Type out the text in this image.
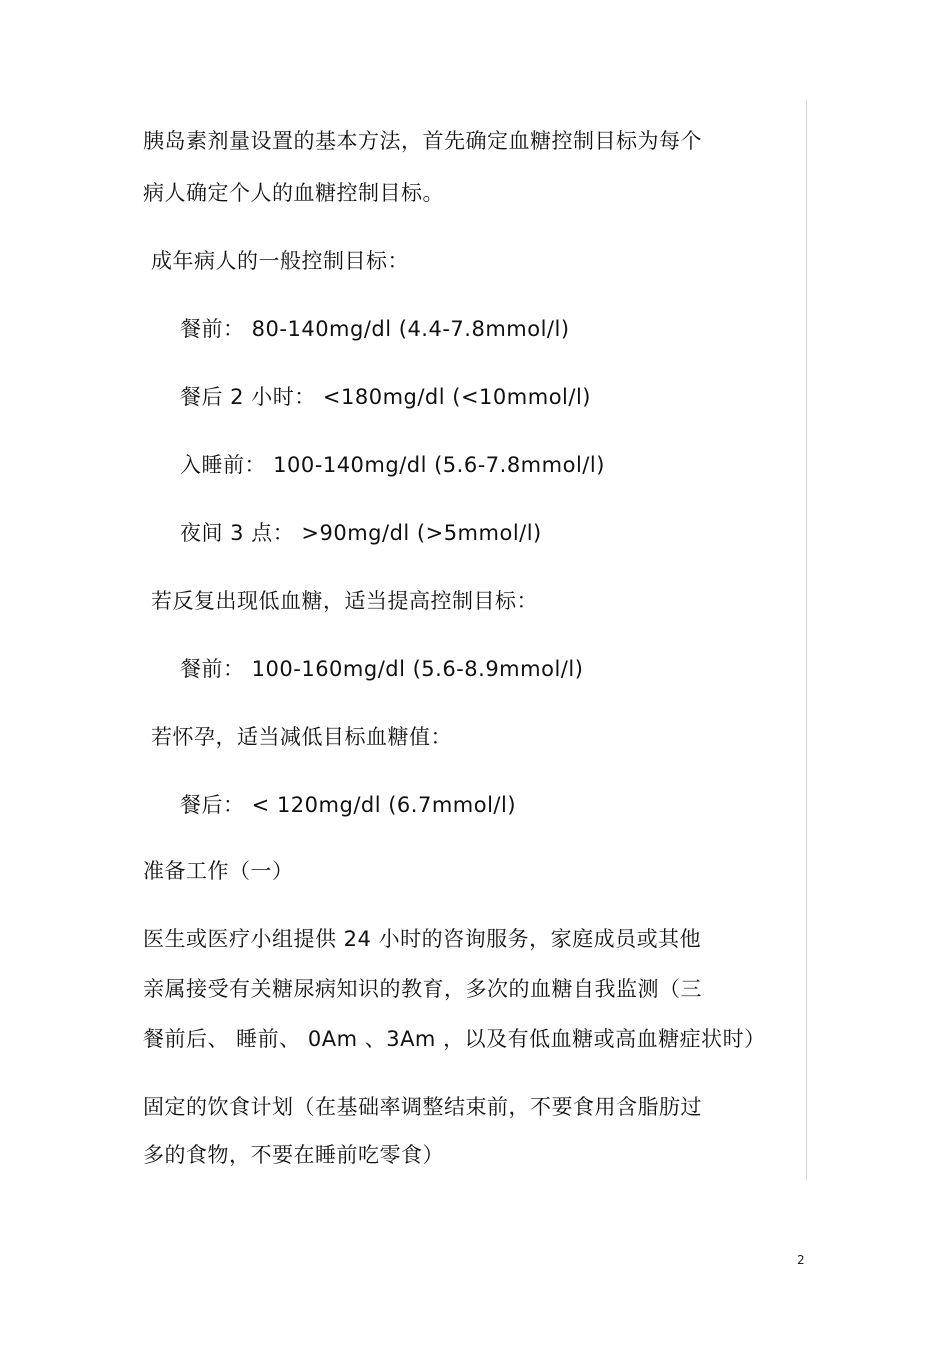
胰岛素剂量设置的基本方法，首先确定血糖控制目标为每个
病人确定个人的血糖控制目标。
成年病人的一般控制目标：
餐前： 80-140mg/dl (4.4-7.8mmol/l)
餐后 2 小时： <180mg/dl (<10mmol/l)
入睡前： 100-140mg/dl (5.6-7.8mmol/l)
夜间 3 点： >90mg/dl (>5mmol/l)
若反复出现低血糖，适当提高控制目标：
餐前： 100-160mg/dl (5.6-8.9mmol/l)
若怀孕，适当减低目标血糖值：
餐后： < 120mg/dl (6.7mmol/l)
准备工作（一）
医生或医疗小组提供 24 小时的咨询服务，家庭成员或其他
亲属接受有关糖尿病知识的教育，多次的血糖自我监测（三
餐前后、 睡前、 0Am 、3Am ，以及有低血糖或高血糖症状时）
固定的饮食计划（在基础率调整结束前，不要食用含脂肪过
多的食物，不要在睡前吃零食）
2
